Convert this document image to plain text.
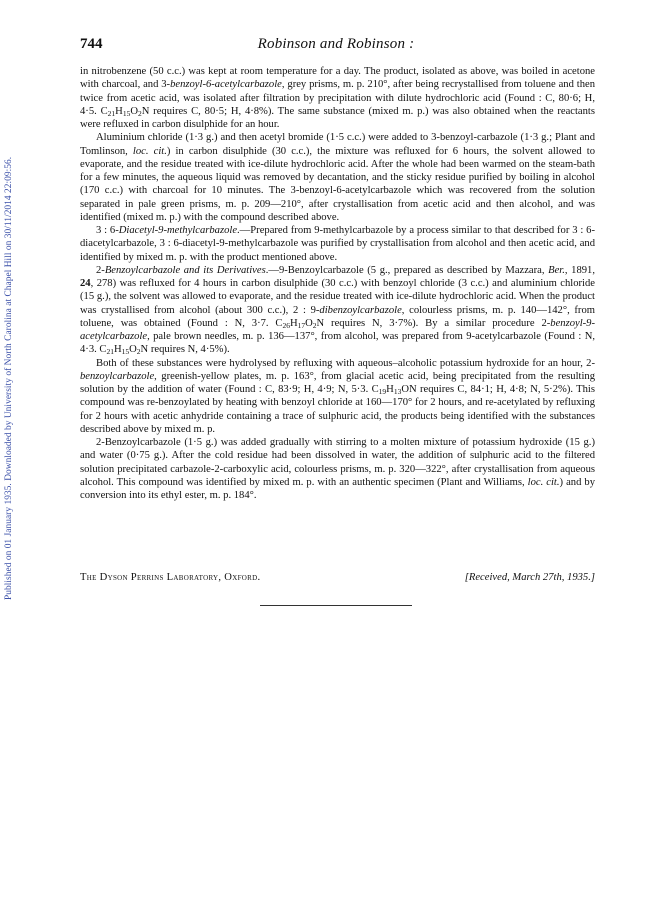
Published on 01 January 1935. Downloaded by University of North Carolina at Chapel Hill on 30/11/2014 22:09:56.
744	Robinson and Robinson :

in nitrobenzene (50 c.c.) was kept at room temperature for a day. The product, isolated as above, was boiled in acetone with charcoal, and 3-benzoyl-6-acetylcarbazole, grey prisms, m. p. 210°, after being recrystallised from toluene and then twice from acetic acid, was isolated after filtration by precipitation with dilute hydrochloric acid (Found : C, 80·6; H, 4·5. $C_{21}H_{15}O_2N$ requires C, 80·5; H, 4·8%). The same substance (mixed m. p.) was also obtained when the reactants were refluxed in carbon disulphide for an hour.

Aluminium chloride (1·3 g.) and then acetyl bromide (1·5 c.c.) were added to 3-benzoyl-carbazole (1·3 g.; Plant and Tomlinson, loc. cit.) in carbon disulphide (30 c.c.), the mixture was refluxed for 6 hours, the solvent allowed to evaporate, and the residue treated with ice-dilute hydrochloric acid. After the whole had been warmed on the steam-bath for a few minutes, the aqueous liquid was removed by decantation, and the sticky residue purified by boiling in alcohol (170 c.c.) with charcoal for 10 minutes. The 3-benzoyl-6-acetylcarbazole which was recovered from the solution separated in pale green prisms, m. p. 209—210°, after crystallisation from acetic acid and then alcohol, and was identified (mixed m. p.) with the compound described above.

3 : 6-Diacetyl-9-methylcarbazole.—Prepared from 9-methylcarbazole by a process similar to that described for 3 : 6-diacetylcarbazole, 3 : 6-diacetyl-9-methylcarbazole was purified by crystallisation from alcohol and then acetic acid, and identified by mixed m. p. with the product mentioned above.

2-Benzoylcarbazole and its Derivatives.—9-Benzoylcarbazole (5 g., prepared as described by Mazzara, Ber., 1891, 24, 278) was refluxed for 4 hours in carbon disulphide (30 c.c.) with benzoyl chloride (3 c.c.) and aluminium chloride (15 g.), the solvent was allowed to evaporate, and the residue treated with ice-dilute hydrochloric acid. When the product was crystallised from alcohol (about 300 c.c.), 2 : 9-dibenzoylcarbazole, colourless prisms, m. p. 140—142°, from toluene, was obtained (Found : N, 3·7. $C_{26}H_{17}O_2N$ requires N, 3·7%). By a similar procedure 2-benzoyl-9-acetylcarbazole, pale brown needles, m. p. 136—137°, from alcohol, was prepared from 9-acetylcarbazole (Found : N, 4·3. $C_{21}H_{15}O_2N$ requires N, 4·5%).

Both of these substances were hydrolysed by refluxing with aqueous–alcoholic potassium hydroxide for an hour, 2-benzoylcarbazole, greenish-yellow plates, m. p. 163°, from glacial acetic acid, being precipitated from the resulting solution by the addition of water (Found : C, 83·9; H, 4·9; N, 5·3. $C_{19}H_{13}ON$ requires C, 84·1; H, 4·8; N, 5·2%). This compound was re-benzoylated by heating with benzoyl chloride at 160—170° for 2 hours, and re-acetylated by refluxing for 2 hours with acetic anhydride containing a trace of sulphuric acid, the products being identified with the substances described above by mixed m. p.

2-Benzoylcarbazole (1·5 g.) was added gradually with stirring to a molten mixture of potassium hydroxide (15 g.) and water (0·75 g.). After the cold residue had been dissolved in water, the addition of sulphuric acid to the filtered solution precipitated carbazole-2-carboxylic acid, colourless prisms, m. p. 320—322°, after crystallisation from aqueous alcohol. This compound was identified by mixed m. p. with an authentic specimen (Plant and Williams, loc. cit.) and by conversion into its ethyl ester, m. p. 184°.

The Dyson Perrins Laboratory, Oxford.	[Received, March 27th, 1935.]
